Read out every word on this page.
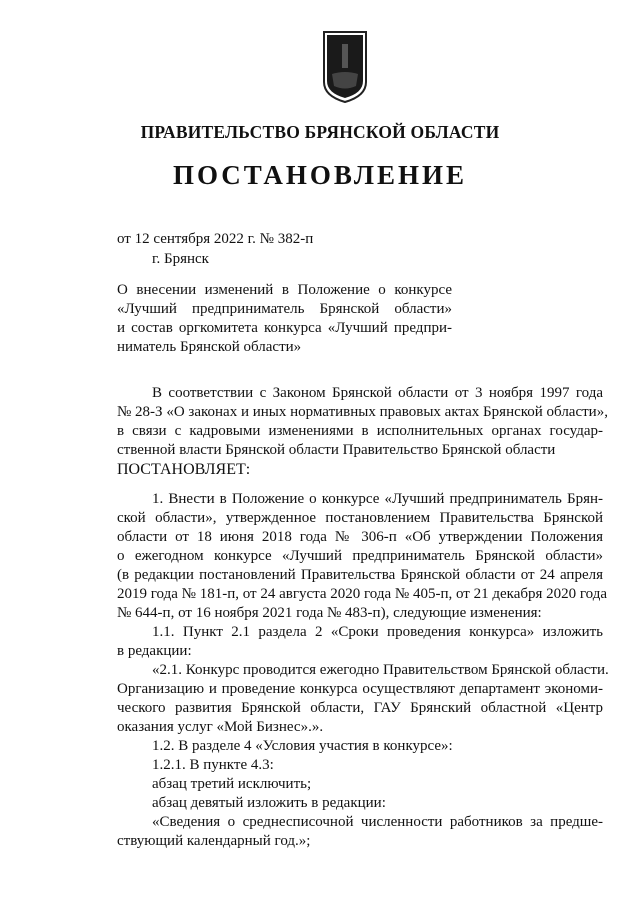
ПРАВИТЕЛЬСТВО БРЯНСКОЙ ОБЛАСТИ
ПОСТАНОВЛЕНИЕ
от 12 сентября 2022 г. № 382-п
г. Брянск
О внесении изменений в Положение о конкурсе
«Лучший предприниматель Брянской области»
и состав оргкомитета конкурса «Лучший предпри-
ниматель Брянской области»
В соответствии с Законом Брянской области от 3 ноября 1997 года
№ 28-З «О законах и иных нормативных правовых актах Брянской области»,
в связи с кадровыми изменениями в исполнительных органах государ-
ственной власти Брянской области Правительство Брянской области
ПОСТАНОВЛЯЕТ:
1. Внести в Положение о конкурсе «Лучший предприниматель Брян-
ской области», утвержденное постановлением Правительства Брянской
области от 18 июня 2018 года № 306-п «Об утверждении Положения
о ежегодном конкурсе «Лучший предприниматель Брянской области»
(в редакции постановлений Правительства Брянской области от 24 апреля
2019 года № 181-п, от 24 августа 2020 года № 405-п, от 21 декабря 2020 года
№ 644-п, от 16 ноября 2021 года № 483-п), следующие изменения:
1.1. Пункт 2.1 раздела 2 «Сроки проведения конкурса» изложить
в редакции:
«2.1. Конкурс проводится ежегодно Правительством Брянской области.
Организацию и проведение конкурса осуществляют департамент экономи-
ческого развития Брянской области, ГАУ Брянский областной «Центр
оказания услуг «Мой Бизнес».».
1.2. В разделе 4 «Условия участия в конкурсе»:
1.2.1. В пункте 4.3:
абзац третий исключить;
абзац девятый изложить в редакции:
«Сведения о среднесписочной численности работников за предше-
ствующий календарный год.»;
